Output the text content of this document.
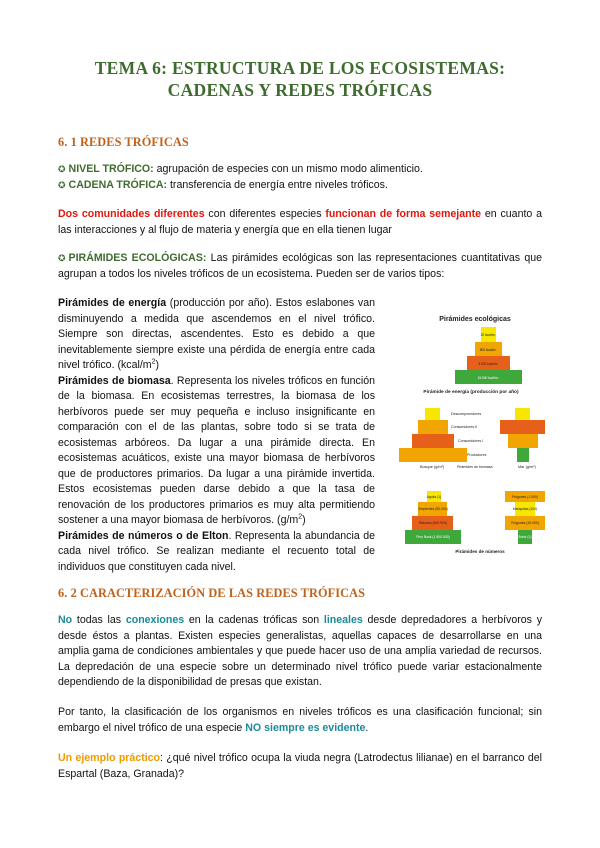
TEMA 6: ESTRUCTURA DE LOS ECOSISTEMAS:
CADENAS Y REDES TRÓFICAS
6. 1 REDES TRÓFICAS
✪ NIVEL TRÓFICO: agrupación de especies con un mismo modo alimenticio.
✪ CADENA TRÓFICA: transferencia de energía entre niveles tróficos.
Dos comunidades diferentes con diferentes especies funcionan de forma semejante en cuanto a las interacciones y al flujo de materia y energía que en ella tienen lugar
✪ PIRÁMIDES ECOLÓGICAS: Las pirámides ecológicas son las representaciones cuantitativas que agrupan a todos los niveles tróficos de un ecosistema. Pueden ser de varios tipos:

Pirámides de energía (producción por año). Estos eslabones van disminuyendo a medida que ascendemos en el nivel trófico. Siempre son directas, ascendentes. Esto es debido a que inevitablemente siempre existe una pérdida de energía entre cada nivel trófico. $(kcal/m^2)$

Pirámides de biomasa. Representa los niveles tróficos en función de la biomasa. En ecosistemas terrestres, la biomasa de los herbívoros puede ser muy pequeña e incluso insignificante en comparación con el de las plantas, sobre todo si se trata de ecosistemas arbóreos. Da lugar a una pirámide directa. En ecosistemas acuáticos, existe una mayor biomasa de herbívoros que de productores primarios. Da lugar a una pirámide invertida. Estos ecosistemas pueden darse debido a que la tasa de renovación de los productores primarios es muy alta permitiendo sostener a una mayor biomasa de herbívoros. $(g/m^2)$

Pirámides de números o de Elton. Representa la abundancia de cada nivel trófico. Se realizan mediante el recuento total de individuos que constituyen cada nivel.

Pirámides ecológicas
20 kcal/m²
800 kcal/m²
3.000 kcal/m²
15.500 kcal/m²
Pirámide de energía (producción por año)
Descomponedores
Consumidores II
Consumidores I
Productores
Bosque (g/m²)	Pirámides de biomasa	Mar (g/m²)
Aguila (1)
Serpientes (50.000)
Ratones (500.000)
Pino Bosk (1.500.000)
Pulgones (1.000)
Mariquitas (100)
Pulgones (10.000)
Árbol (1)
Pirámides de números
6. 2 CARACTERIZACIÓN DE LAS REDES TRÓFICAS
No todas las conexiones en la cadenas tróficas son lineales desde depredadores a herbívoros y desde éstos a plantas. Existen especies generalistas, aquellas capaces de desarrollarse en una amplia gama de condiciones ambientales y que puede hacer uso de una amplia variedad de recursos. La depredación de una especie sobre un determinado nivel trófico puede variar estacionalmente dependiendo de la disponibilidad de presas que existan.
Por tanto, la clasificación de los organismos en niveles tróficos es una clasificación funcional; sin embargo el nivel trófico de una especie NO siempre es evidente.
Un ejemplo práctico: ¿qué nivel trófico ocupa la viuda negra (Latrodectus lilianae) en el barranco del Espartal (Baza, Granada)?
